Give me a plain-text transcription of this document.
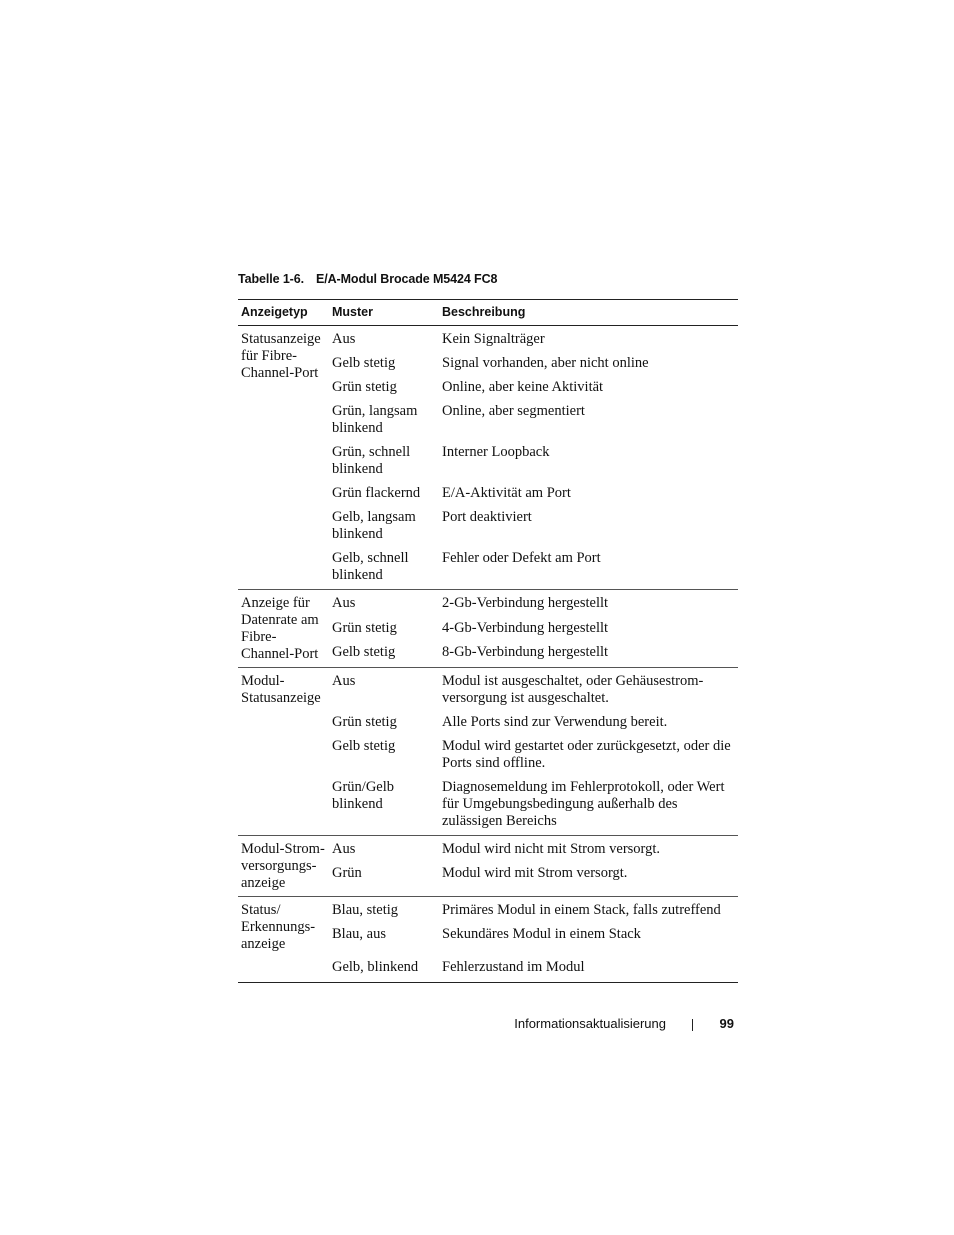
Tabelle 1-6. E/A-Modul Brocade M5424 FC8
Anzeigetyp	Muster	Beschreibung
Statusanzeige für Fibre-Channel-Port	Aus	Kein Signalträger
	Gelb stetig	Signal vorhanden, aber nicht online
	Grün stetig	Online, aber keine Aktivität
	Grün, langsam blinkend	Online, aber segmentiert
	Grün, schnell blinkend	Interner Loopback
	Grün flackernd	E/A-Aktivität am Port
	Gelb, langsam blinkend	Port deaktiviert
	Gelb, schnell blinkend	Fehler oder Defekt am Port
Anzeige für Datenrate am Fibre-Channel-Port	Aus	2-Gb-Verbindung hergestellt
	Grün stetig	4-Gb-Verbindung hergestellt
	Gelb stetig	8-Gb-Verbindung hergestellt
Modul-Statusanzeige	Aus	Modul ist ausgeschaltet, oder Gehäusestrom-versorgung ist ausgeschaltet.
	Grün stetig	Alle Ports sind zur Verwendung bereit.
	Gelb stetig	Modul wird gestartet oder zurückgesetzt, oder die Ports sind offline.
	Grün/Gelb blinkend	Diagnosemeldung im Fehlerprotokoll, oder Wert für Umgebungsbedingung außerhalb des zulässigen Bereichs
Modul-Strom-versorgungs-anzeige	Aus	Modul wird nicht mit Strom versorgt.
	Grün	Modul wird mit Strom versorgt.
Status/ Erkennungs-anzeige	Blau, stetig	Primäres Modul in einem Stack, falls zutreffend
	Blau, aus	Sekundäres Modul in einem Stack
	Gelb, blinkend	Fehlerzustand im Modul
Informationsaktualisierung	99
